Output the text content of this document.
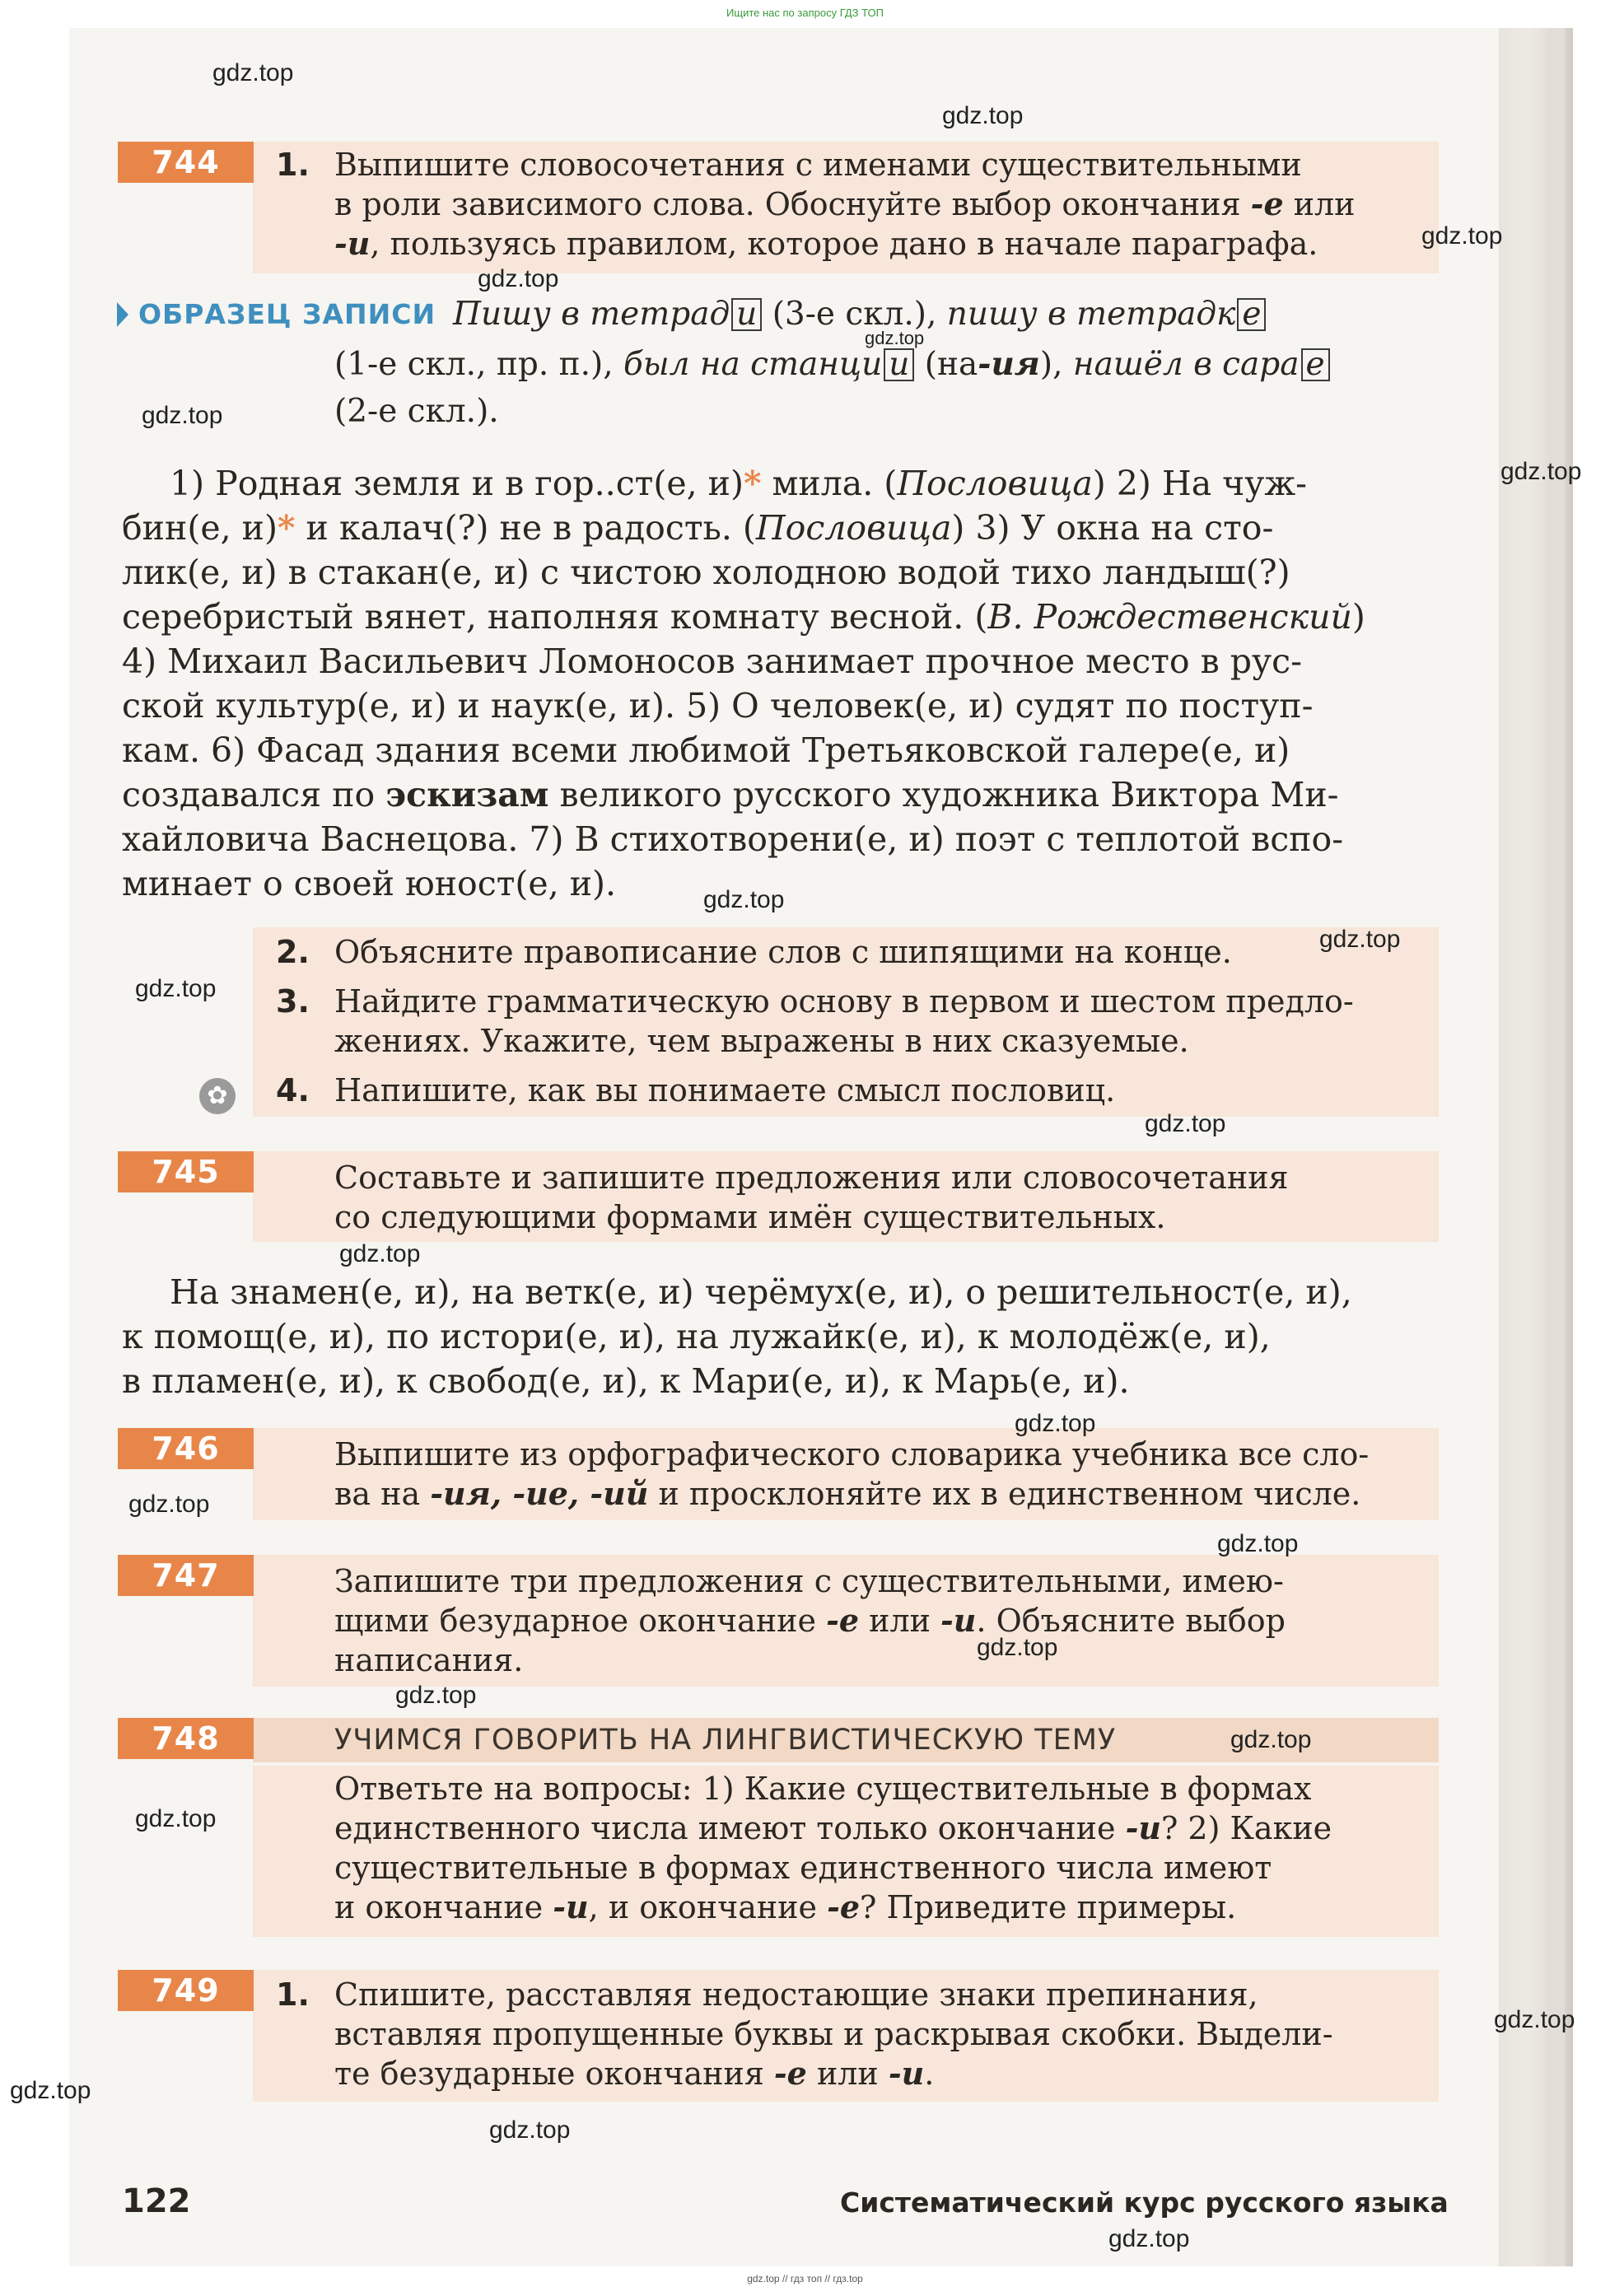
Ищите нас по запросу ГДЗ ТОП
744	1. Выпишите словосочетания с именами существительными
в роли зависимого слова. Обоснуйте выбор окончания -е или
-и, пользуясь правилом, которое дано в начале параграфа.
ОБРАЗЕЦ ЗАПИСИ Пишу в тетрад и (3-е скл.), пишу в тетрадк е
(1-е скл., пр. п.), был на станци и (на-ия), нашёл в сара е
(2-е скл.).
1) Родная земля и в гор..ст(е, и)* мила. (Пословица) 2) На чуж-
бин(е, и)* и калач(?) не в радость. (Пословица) 3) У окна на сто-
лик(е, и) в стакан(е, и) с чистою холодною водой тихо ландыш(?)
серебристый вянет, наполняя комнату весной. (В. Рождественский)
4) Михаил Васильевич Ломоносов занимает прочное место в рус-
ской культур(е, и) и наук(е, и). 5) О человек(е, и) судят по поступ-
кам. 6) Фасад здания всеми любимой Третьяковской галере(е, и)
создавался по эскизам великого русского художника Виктора Ми-
хайловича Васнецова. 7) В стихотворени(е, и) поэт с теплотой вспо-
минает о своей юност(е, и).
2. Объясните правописание слов с шипящими на конце.
3. Найдите грамматическую основу в первом и шестом предло-
жениях. Укажите, чем выражены в них сказуемые.
✿ 4. Напишите, как вы понимаете смысл пословиц.
745	Составьте и запишите предложения или словосочетания
со следующими формами имён существительных.
На знамен(е, и), на ветк(е, и) черёмух(е, и), о решительност(е, и),
к помощ(е, и), по истори(е, и), на лужайк(е, и), к молодёж(е, и),
в пламен(е, и), к свобод(е, и), к Мари(е, и), к Марь(е, и).
746	Выпишите из орфографического словарика учебника все сло-
ва на -ия, -ие, -ий и просклоняйте их в единственном числе.
747	Запишите три предложения с существительными, имею-
щими безударное окончание -е или -и. Объясните выбор
написания.
748	УЧИМСЯ ГОВОРИТЬ НА ЛИНГВИСТИЧЕСКУЮ ТЕМУ
Ответьте на вопросы: 1) Какие существительные в формах
единственного числа имеют только окончание -и? 2) Какие
существительные в формах единственного числа имеют
и окончание -и, и окончание -е? Приведите примеры.
749	1. Спишите, расставляя недостающие знаки препинания,
вставляя пропущенные буквы и раскрывая скобки. Выдели-
те безударные окончания -е или -и.
122	Систематический курс русского языка
gdz.top
gdz.top
gdz.top
gdz.top
gdz.top
gdz.top
gdz.top
gdz.top
gdz.top
gdz.top
gdz.top
gdz.top
gdz.top
gdz.top
gdz.top
gdz.top
gdz.top
gdz.top
gdz.top
gdz.top
gdz.top
gdz.top
gdz.top
gdz.top // гдз топ // гдз.top
